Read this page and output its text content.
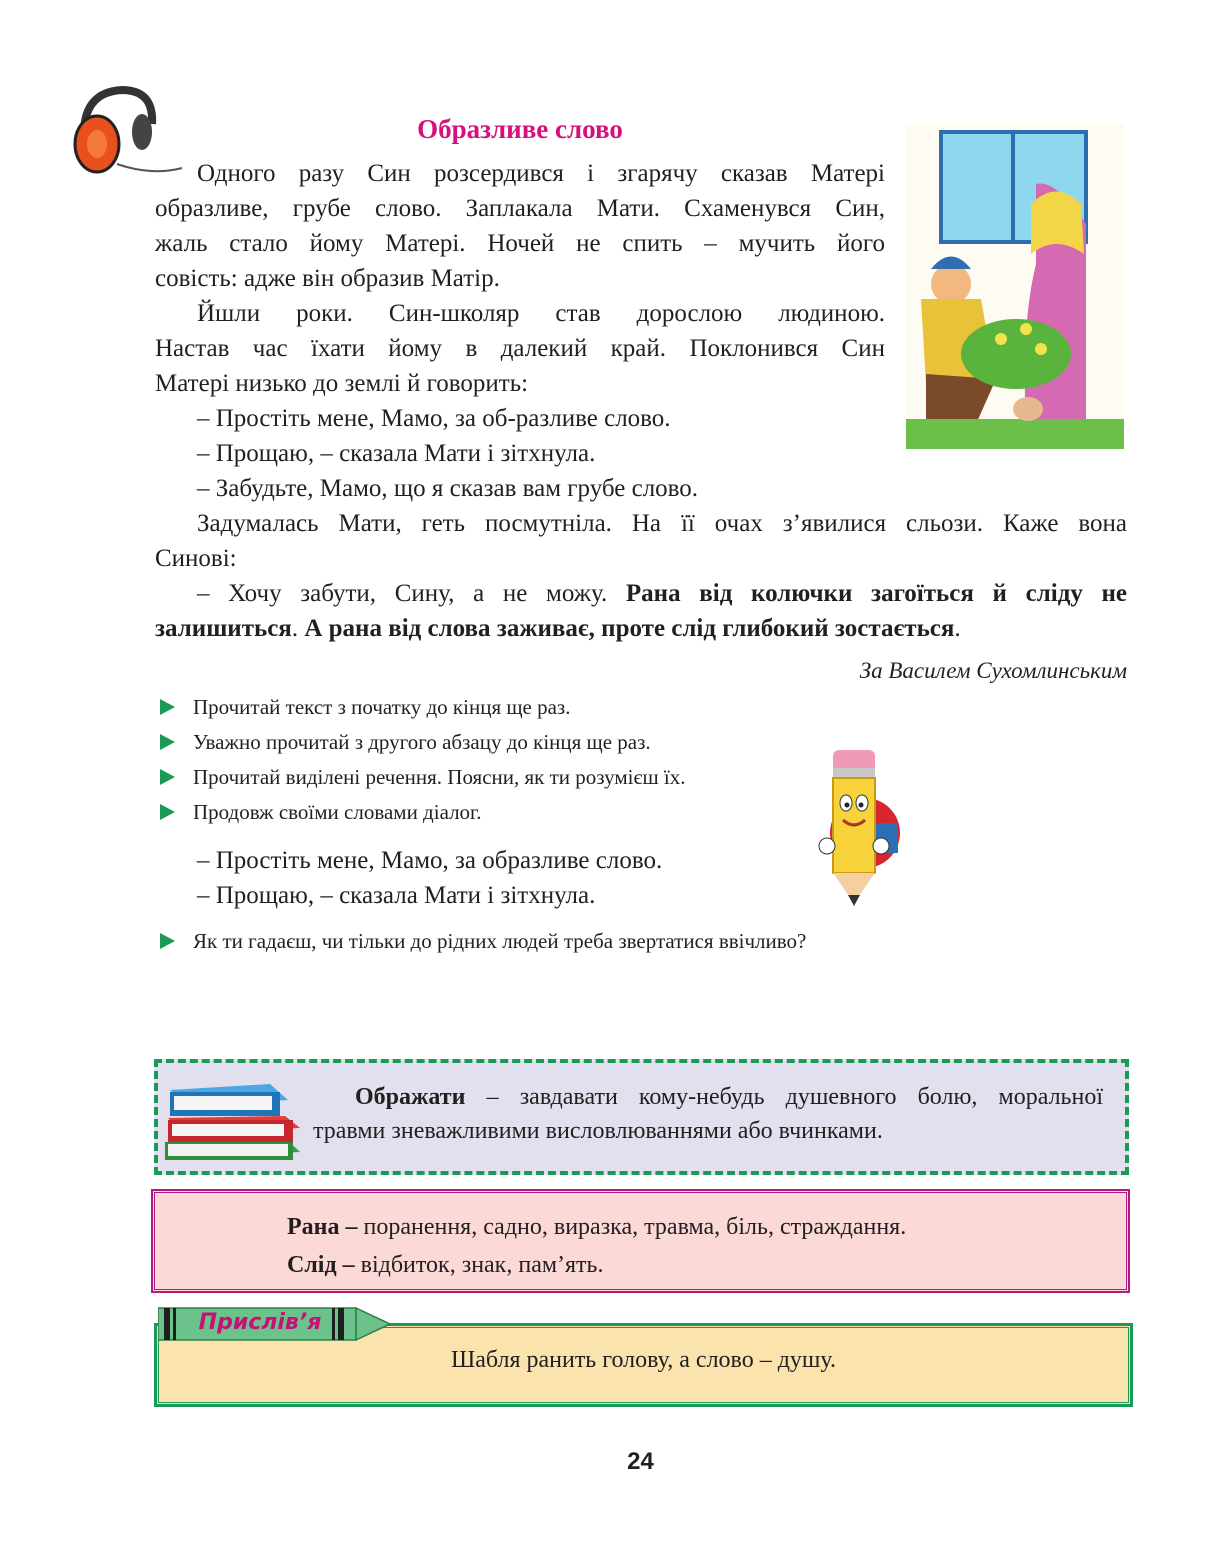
Образливе слово
Одного разу Син розсердився і згарячу сказав Матері
образливе, грубе слово. Заплакала Мати. Схаменувся Син,
жаль стало йому Матері. Ночей не спить – мучить його
совість: адже він образив Матір.
Йшли роки. Син-школяр став дорослою людиною.
Настав час їхати йому в далекий край. Поклонився Син
Матері низько до землі й говорить:
– Простіть мене, Мамо, за об-разливе слово.
– Прощаю, – сказала Мати і зітхнула.
– Забудьте, Мамо, що я сказав вам грубе слово.
Задумалась Мати, геть посмутніла. На її очах з’явилися сльози. Каже вона
Синові:
– Хочу забути, Сину, а не можу. Рана від колючки загоїться й сліду не
залишиться. А рана від слова заживає, проте слід глибокий зостається.
За Василем Сухомлинським
Прочитай текст з початку до кінця ще раз.
Уважно прочитай з другого абзацу до кінця ще раз.
Прочитай виділені речення. Поясни, як ти розумієш їх.
Продовж своїми словами діалог.
– Простіть мене, Мамо, за образливе слово.
– Прощаю, – сказала Мати і зітхнула.
Як ти гадаєш, чи тільки до рідних людей треба звертатися ввічливо?
Ображати – завдавати кому-небудь душевного болю, моральної
травми зневажливими висловлюваннями або вчинками.
Рана – поранення, садно, виразка, травма, біль, страждання.
Слід – відбиток, знак, пам’ять.
Прислів’я
Шабля ранить голову, а слово – душу.
24
